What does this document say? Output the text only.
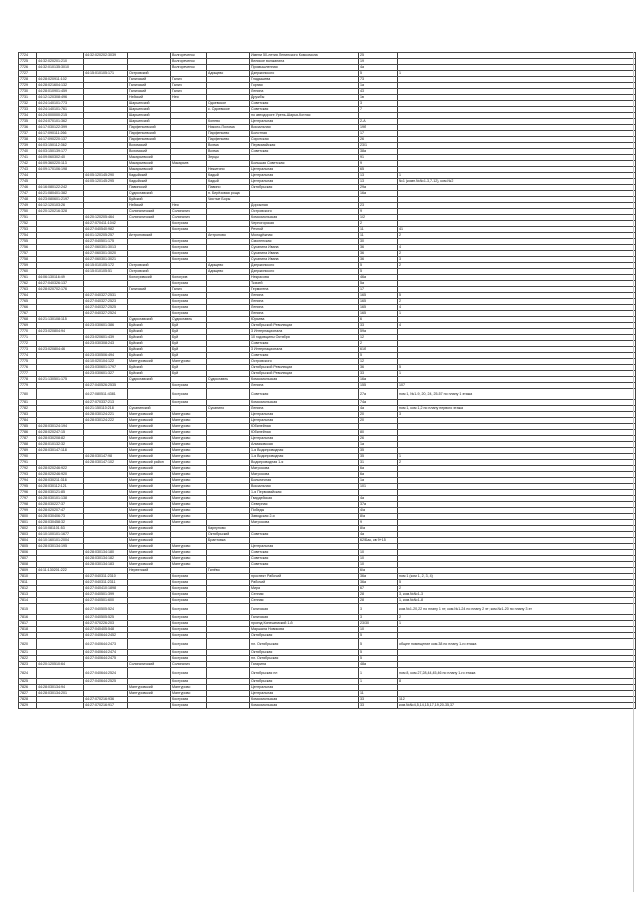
7724		44:32:020202:3039		Волгореченск		Имени 50-летия Ленинского Комсомола	25	
7725	44:32:020201:210			Волгореченск		Великое волжанина	19	
7726	44:32:010135:3010			Волгореченск		Промышленная	4а	
7727		44:15:010105:171	Островский		Адищево	Дзержинского	5	1
7728	44:28:020911:102		Галичский	Галич		Гладышева	73	
7729	44:28:021604:132		Галичский	Галич		Горная	1а	
7730	44:28:010901:459		Галичский	Галич		Ленина	43	
7731	44:12:120308:496		Нейский	Нея		Дружбы	1в	
7732	44:24:140101:773		Шарьинский		Одоевское	Советская	3	
7733	44:24:140101:761		Шарьинский		с. Одоевское	Советская	7	
7734	44:24:000000:215		Шарьинский			по автодороге Урень-Шарья-Котлас		
7735	44:24:070101:362		Шарьинский		Конево	Центральная	2-А	
7736	44:17:030122:399		Парфеньевский		Николо-Полома	Вокзальная	19б	
7737	44:17:090111:266		Парфеньевский		Парфеньево	Болотная	17	
7738	44:17:090220:137		Парфеньевский		Парфеньево	Сиротская	26	
7739	44:03:150112:362		Вохомский		Вохма	Первомайская	23/1	
7740	44:03:150139:177		Вохомский		Вохма	Советская	38а	
7741	44:09:060302:40		Макарьевский		Зерцы		91	
7742	44:09:360220:113		Макарьевский	Макарьев		Большая Советская	9	
7743	44:09:170106:198		Макарьевский		Нежитино	Центральная	65	
7744		44:05:120145:290	Кадыйский		Кадый	Центральная	13	1
7745		44:05:120145:295	Кадыйский		Кадый	Центральная	13	№1 (комн.№№1-3,7-12), ком.№2
7746	44:16:080122:242		Павинский		Павино	Октябрьская	29а	
7747	44:21:080401:382		Судиславский		п. Берёзовая роща		16а	
7748	44:23:080601:2197		Буйский		Чистые Боры			
7749	44:12:120103:26		Нейский	Нея		Дорожная	23	
7750	44:20:120216:328		Солигаличский	Солигалич		Островского	9	
7751		44:20:120205:464	Солигаличский	Солигалич		Комсомольская	1/2	
7752		44:27:070411:1042		Кострома		Черногорская	2	
7753		44:27:040540:982		Кострома		Речной	11	41
7754		44:01:120205:257	Антроповский		Антропово	Молодёжная	11	2
7755		44:27:040501:175		Кострома		Смоленская	30	
7756		44:27:060301:3013		Кострома		Сусанина Ивана	36	4
7757		44:27:060301:3020		Кострома		Сусанина Ивана	36	2
7758		44:27:060301:3021		Кострома		Сусанина Ивана	36	3
7759		44:15:010105:172	Островский		Адищево	Дзержинского	5	2
7760		44:15:010105:51	Островский		Адищево	Дзержинского	5	
7761	44:06:130116:49		Кологривский	Кологрив		Некрасова	46а	
7762	44:27:040326:137			Кострома		Ткачей	5а	
7763	44:28:020702:176		Галичский	Галич		Гермогена	17	
7764		44:27:040327:2531		Кострома		Ленина	165	5
7765		44:27:040327:2523		Кострома		Ленина	165	2
7766		44:27:040327:2525		Кострома		Ленина	165	4
7767		44:27:040327:2524		Кострома		Ленина	165	1
7768	44:21:130108:115		Судиславский	Судиславль		Юрьева	6	
7769		44:23:030601:386	Буйский	Буй		Октябрьской Революции	33	4
7770	44:23:020804:94		Буйский	Буй		3 Интернационала	59а	
7771		44:23:020601:439	Буйский	Буй		10 годовщины Октября	12	
7772		44:23:030308:243	Буйский	Буй		Советская	2	
7773	44:23:020804:46		Буйский	Буй		3 Интернационала	61б	
7774		44:23:030506:494	Буйский	Буй		Советская	5	
7775		44:10:020104:122	Мантуровский	Мантурово		Островского	12	
7776		44:23:030601:1797	Буйский	Буй		Октябрьской Революции	36	5
7777		44:23:030601:327	Буйский	Буй		Октябрьской Революции	33	1
7778	44:21:130501:175		Судиславский		Судиславль	Комсомольская	16а	
7779		44:27:040526:2535		Кострома		Ленина	155	107
7780		44:27:080511:4381		Кострома		Советская	27а	пом 1, №1-9, 20, 24, 25-57 по плану 1 этажа
7781		44:27:070337:213		Кострома		Комсомольская	74а	
7782		44:21:150110:218	Сусанинский		Сусанино	Ленина	4а	пом 1, ком 1,2 по плану первого этажа
7783		44:28:030124:221	Мантуровский	Мантурово		Центральная	20	3
7784		44:28:030124:222	Мантуровский	Мантурово		Центральная	20	
7785	44:28:030124:194		Мантуровский	Мантурово		Юбилейная		
7786	44:28:020247:15		Мантуровский	Мантурово		Юбилейная	80	
7787	44:28:030208:82		Мантуровский	Мантурово		Центральная	26	
7788	44:28:010132:32		Мантуровский	Мантурово		Алмазовская	1а	
7789	44:28:030147:118		Мантуровский	Мантурово		1-я Водопроводная	35	
7790		44:28:030147:98	Мантуровский	Мантурово		1-я Водопроводная	35	1
7791		44:28:030147:102	Мантуровский район	Мантурово		Водопроводная 1-я	31	2
7792	44:28:020246:922		Мантуровский	Мантурово		Матросова	6а	
7793	44:28:020246:920		Мантуровский	Мантурово		Матросова	6а	
7794	44:28:030211:316		Мантуровский	Мантурово		Больничная	1а	
7795	44:28:030112:121		Мантуровский	Мантурово		Вокзальная	101	
7796	44:28:030121:85		Мантуровский	Мантурово		1-я Первомайская		
7797	44:28:030101:138		Мантуровский	Мантурово		Гвардейская	4а	
7798	44:28:030227:37		Мантуровский	Мантурово		Северная	37а	
7799	44:28:020207:47		Мантуровский	Мантурово		Победы	4/а	
7800	44:28:030406:73		Мантуровский	Мантурово		Заводская 2-я	8/а	
7801	44:28:030458:32		Мантуровский	Мантурово		Матросова	9	
7802	44:10:081101:53		Мантуровский		Карпуново		8/а	
7803	44:10:100101:1677		Мантуровский		Октябрьский	Советская	4а	
7804	44:10:160101:2004		Мантуровский		Брантовка		62/Бас, кв 9+15	
7805	44:28:030134:195		Мантуровский	Мантурово		Центральная		
7806		44:28:030134:180	Мантуровский	Мантурово		Советская	10	
7807		44:28:030134:182	Мантуровский	Мантурово		Советская	10	
7808		44:28:030134:183	Мантуровский	Мантурово		Советская	10	
7809	44:11:130201:222		Нерехтский		Гилёво		6/а	
7810		44:27:040311:2310		Кострома		проспект Рабочий	36а	пом 1 (ком 1, 2, 3, 4)
7811		44:27:040311:2311		Кострома		Рабочий	36а	5
7812		44:27:040410:1898		Кострома		Мира	67	2
7813		44:27:040501:399		Кострома		Сенная	28	3, ком.№№1-3
7814		44:27:040501:600		Кострома		Сенная	28	1, ком.№№1-8
7815		44:27:040505:524		Кострома		Галичская	3	ком.№1-20,22 по плану 1 эт; ком.№1-24 по плану 2 эт; ком.№1-20 по плану 3 эт
7816		44:27:040505:525		Кострома		Галичская	3	2
7817		44:27:070226:203		Кострома		проезд Кинешемский 1-й	23/30	1
7818		44:27:040405:548		Кострома		Маршала Новикова	10	
7819		44:27:040644:2452		Кострома		Октябрьская	5	
7820		44:27:040644:2473		Кострома		пл. Октябрьская	5	общее помещение ком.38 по плану 1-го этажа
7821		44:27:040644:2474		Кострома		Октябрьская	5	
7822		44:27:040644:2475		Кострома		пл. Октябрьская	5	
7823	44:20:120510:64		Солигаличский	Солигалич		Гагарина	48а	
7824		44:27:040644:2524		Кострома		Октябрьская пл	1	пом 8, ком.27,28,44,45,46 по плану 1-го этажа
7825		44:27:040644:2525		Кострома		Октябрьская	1	8
7826	44:28:030134:94		Мантуровский	Мантурово		Центральная		
7827	44:28:030134:201		Мантуровский	Мантурово		Центральная	11	
7828		44:27:070216:936		Кострома		Комсомольская	33	112
7829		44:27:070216:917		Кострома		Комсомольская	33	ком.№№4,5,14,15,17,19,20-35,37
